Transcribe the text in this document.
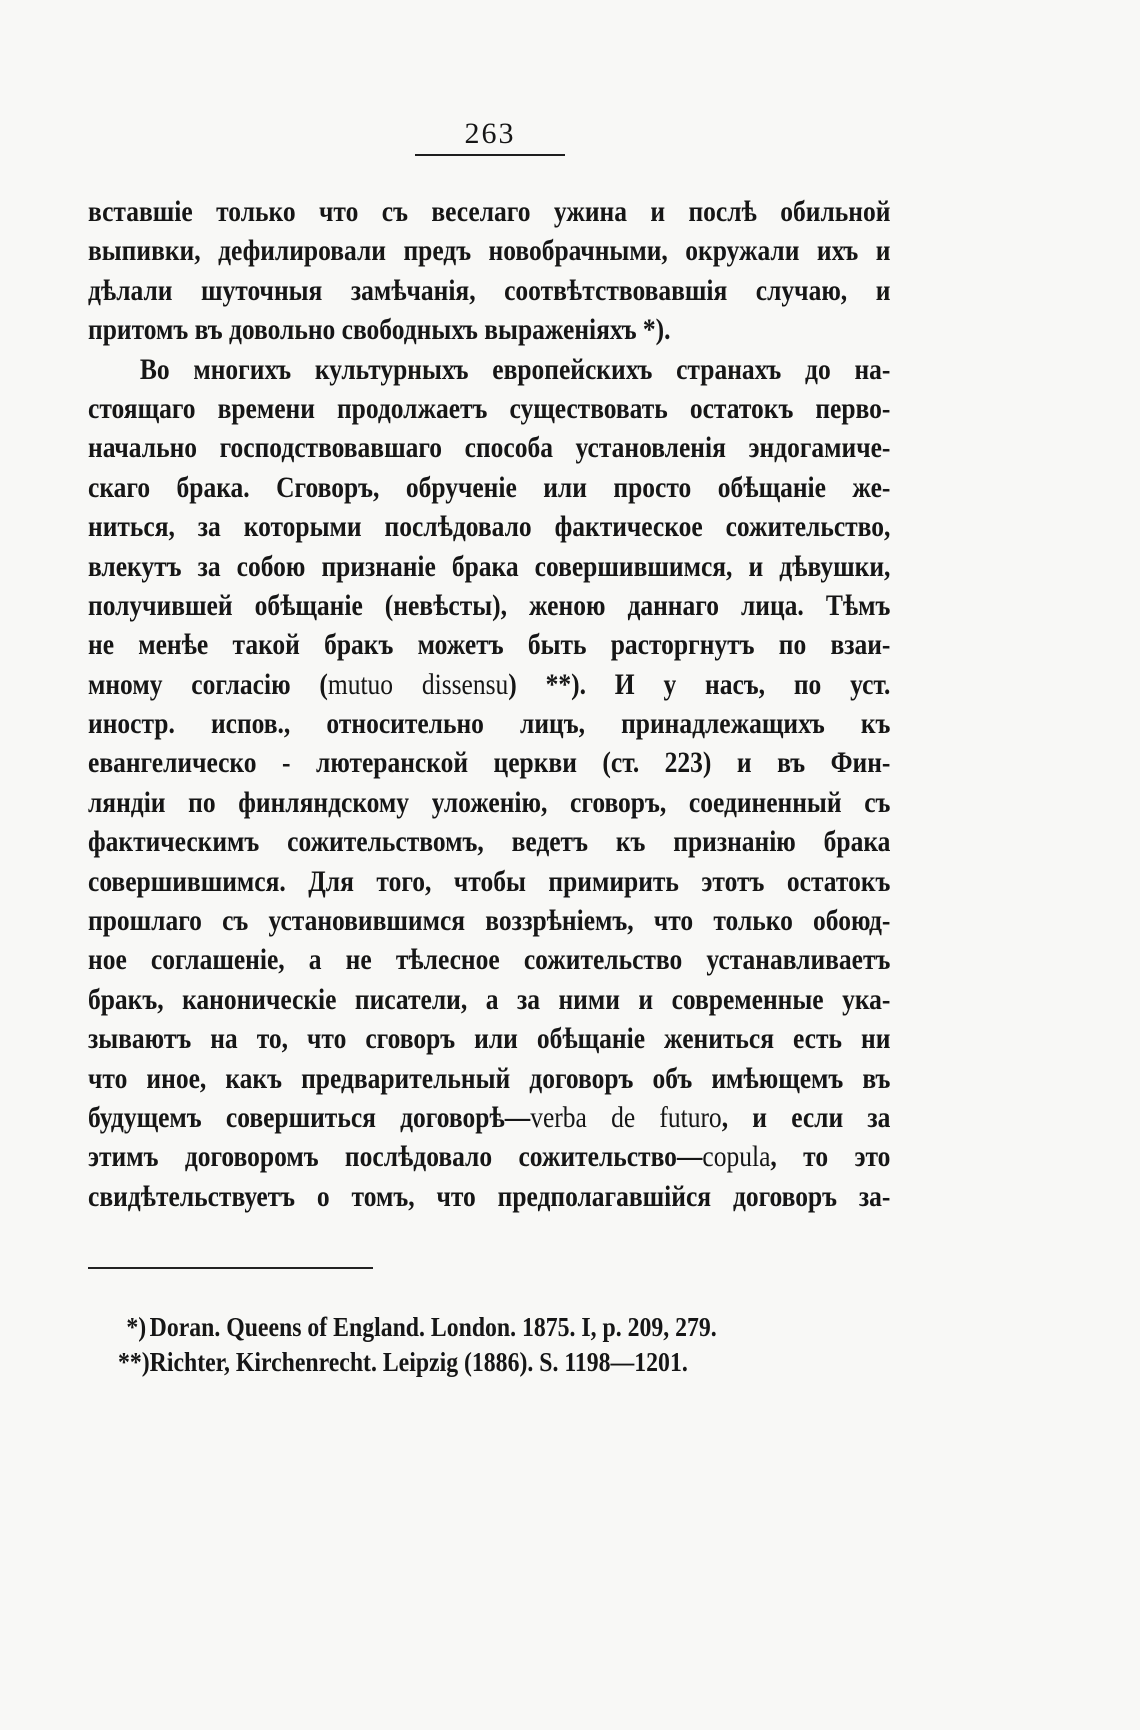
263
вставшіе только что съ веселаго ужина и послѣ обильной
выпивки, дефилировали предъ новобрачными, окружали ихъ и
дѣлали шуточныя замѣчанія, соотвѣтствовавшія случаю, и
притомъ въ довольно свободныхъ выраженіяхъ *).
Во многихъ культурныхъ европейскихъ странахъ до на-
стоящаго времени продолжаетъ существовать остатокъ перво-
начально господствовавшаго способа установленія эндогамиче-
скаго брака. Сговоръ, обрученіе или просто обѣщаніе же-
ниться, за которыми послѣдовало фактическое сожительство,
влекутъ за собою признаніе брака совершившимся, и дѣвушки,
получившей обѣщаніе (невѣсты), женою даннаго лица. Тѣмъ
не менѣе такой бракъ можетъ быть расторгнутъ по взаи-
мному согласію (mutuo dissensu) **). И у насъ, по уст.
иностр. испов., относительно лицъ, принадлежащихъ къ
евангелическо - лютеранской церкви (ст. 223) и въ Фин-
ляндіи по финляндскому уложенію, сговоръ, соединенный съ
фактическимъ сожительствомъ, ведетъ къ признанію брака
совершившимся. Для того, чтобы примирить этотъ остатокъ
прошлаго съ установившимся воззрѣніемъ, что только обоюд-
ное соглашеніе, а не тѣлесное сожительство устанавливаетъ
бракъ, каноническіе писатели, а за ними и современные ука-
зываютъ на то, что сговоръ или обѣщаніе жениться есть ни
что иное, какъ предварительный договоръ объ имѣющемъ въ
будущемъ совершиться договорѣ—verba de futuro, и если за
этимъ договоромъ послѣдовало сожительство—copula, то это
свидѣтельствуетъ о томъ, что предполагавшійся договоръ за-
*) Doran. Queens of England. London. 1875. I, p. 209, 279.
**)Richter, Kirchenrecht. Leipzig (1886). S. 1198—1201.
